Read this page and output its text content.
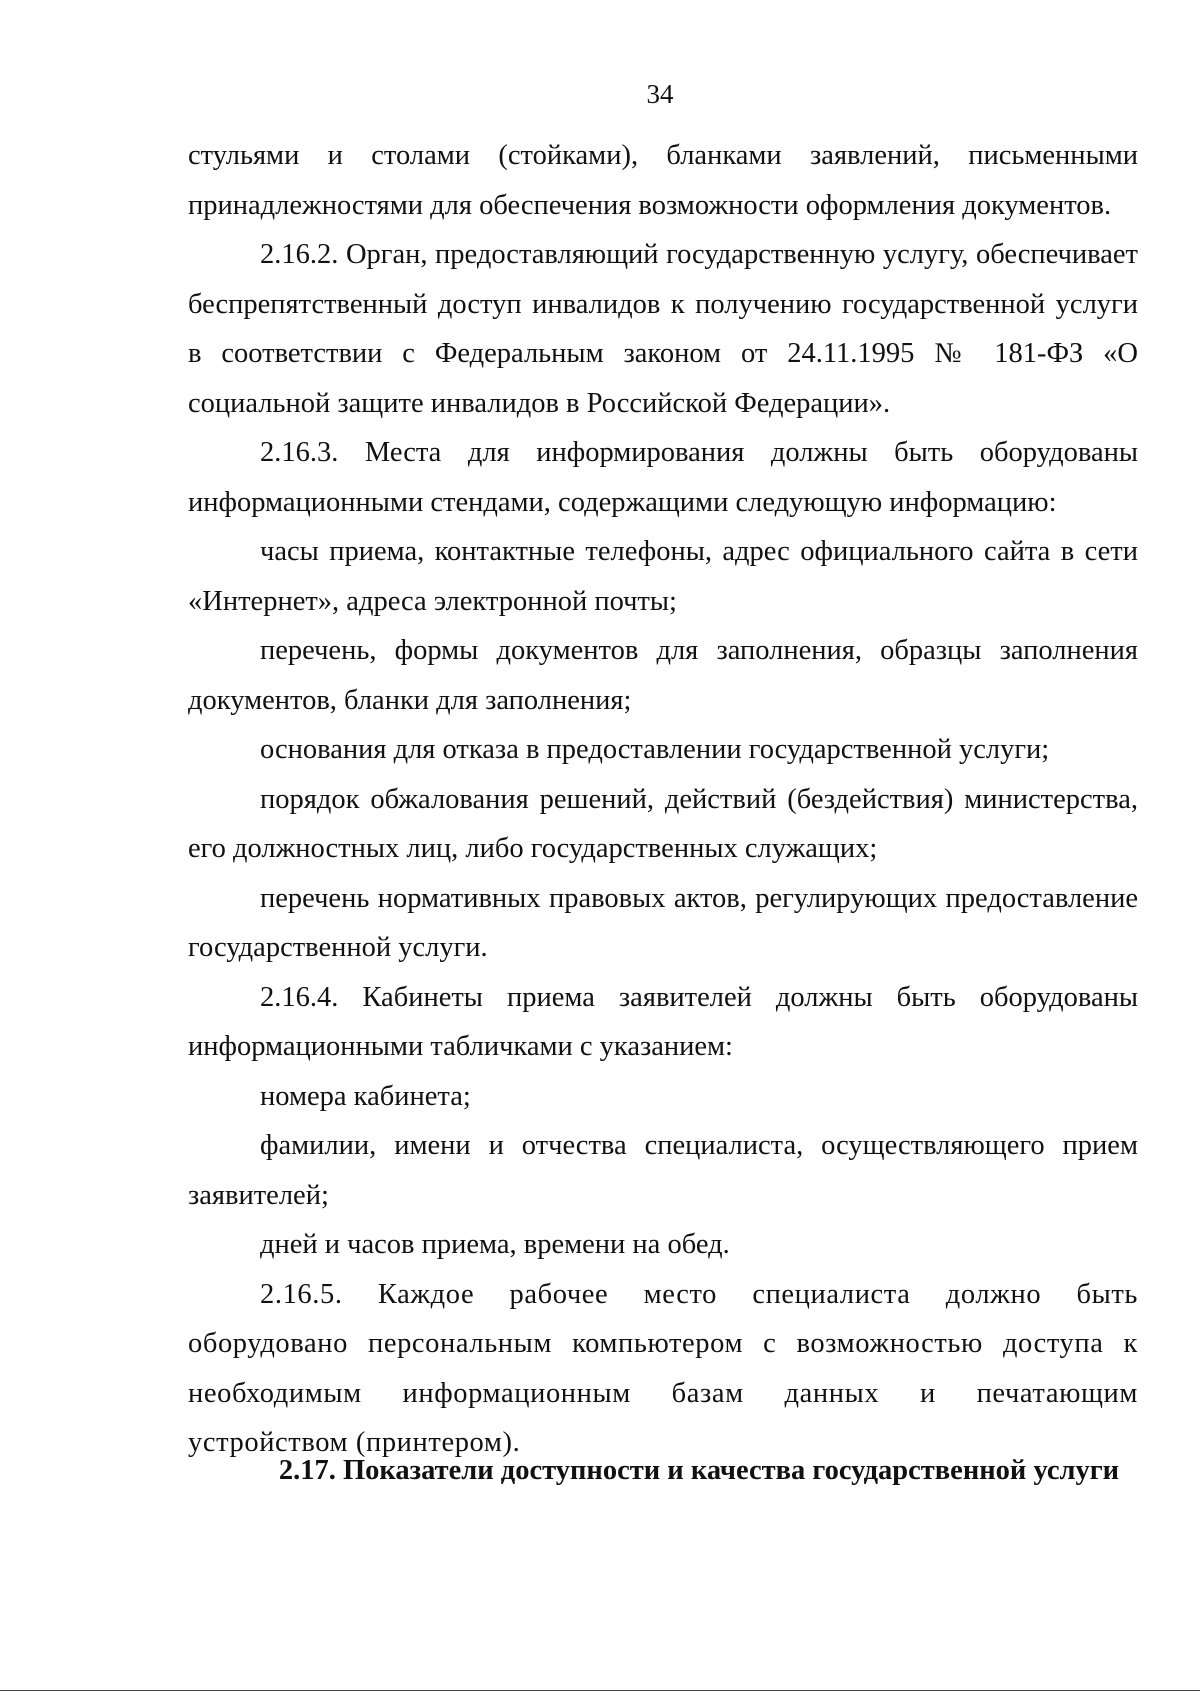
34

стульями и столами (стойками), бланками заявлений, письменными принадлежностями для обеспечения возможности оформления документов.

2.16.2. Орган, предоставляющий государственную услугу, обеспечивает беспрепятственный доступ инвалидов к получению государственной услуги в соответствии с Федеральным законом от 24.11.1995 № 181-ФЗ «О социальной защите инвалидов в Российской Федерации».

2.16.3. Места для информирования должны быть оборудованы информационными стендами, содержащими следующую информацию:

часы приема, контактные телефоны, адрес официального сайта в сети «Интернет», адреса электронной почты;

перечень, формы документов для заполнения, образцы заполнения документов, бланки для заполнения;

основания для отказа в предоставлении государственной услуги;

порядок обжалования решений, действий (бездействия) министерства, его должностных лиц, либо государственных служащих;

перечень нормативных правовых актов, регулирующих предоставление государственной услуги.

2.16.4. Кабинеты приема заявителей должны быть оборудованы информационными табличками с указанием:

номера кабинета;

фамилии, имени и отчества специалиста, осуществляющего прием заявителей;

дней и часов приема, времени на обед.

2.16.5. Каждое рабочее место специалиста должно быть оборудовано персональным компьютером с возможностью доступа к необходимым информационным базам данных и печатающим устройством (принтером).

2.17. Показатели доступности и качества государственной услуги
